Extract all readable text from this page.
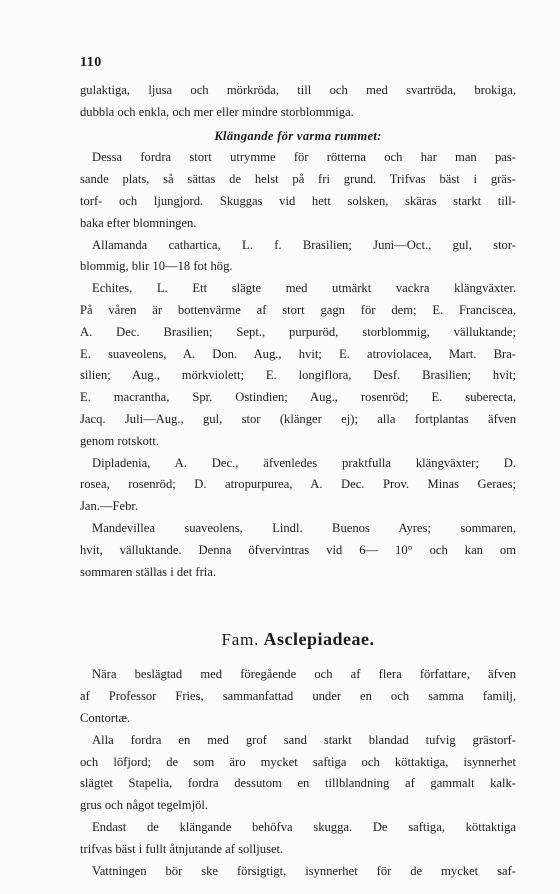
110
gulaktiga, ljusa och mörkröda, till och med svartröda, brokiga,
dubbla och enkla, och mer eller mindre storblommiga.
Klängande för varma rummet:
Dessa fordra stort utrymme för rötterna och har man pas-
sande plats, så sättas de helst på fri grund. Trifvas bäst i gräs-
torf- och ljungjord. Skuggas vid hett solsken, skäras starkt till-
baka efter blomningen.
Allamanda cathartica, L. f. Brasilien; Juni—Oct., gul, stor-
blommig, blir 10—18 fot hög.
Echites, L. Ett slägte med utmärkt vackra klängväxter.
På våren är bottenvärme af stort gagn för dem; E. Franciscea,
A. Dec. Brasilien; Sept., purpuröd, storblommig, välluktande;
E. suaveolens, A. Don. Aug., hvit; E. atroviolacea, Mart. Bra-
silien; Aug., mörkviolett; E. longiflora, Desf. Brasilien; hvit;
E. macrantha, Spr. Ostindien; Aug., rosenröd; E. suberecta,
Jacq. Juli—Aug., gul, stor (klänger ej); alla fortplantas äfven
genom rotskott.
Dipladenia, A. Dec., äfvenledes praktfulla klängväxter; D.
rosea, rosenröd; D. atropurpurea, A. Dec. Prov. Minas Geraes;
Jan.—Febr.
Mandevillea suaveolens, Lindl. Buenos Ayres; sommaren,
hvit, välluktande. Denna öfvervintras vid 6— 10° och kan om
sommaren ställas i det fria.
Fam. Asclepiadeae.
Nära beslägtad med föregående och af flera författare, äfven
af Professor Fries, sammanfattad under en och samma familj,
Contortæ.
Alla fordra en med grof sand starkt blandad tufvig grästorf-
och löfjord; de som äro mycket saftiga och köttaktiga, isynnerhet
slägtet Stapelia, fordra dessutom en tillblandning af gammalt kalk-
grus och något tegelmjöl.
Endast de klängande behöfva skugga. De saftiga, köttaktiga
trifvas bäst i fullt åtnjutande af solljuset.
Vattningen bör ske försigtigt, isynnerhet för de mycket saf-
